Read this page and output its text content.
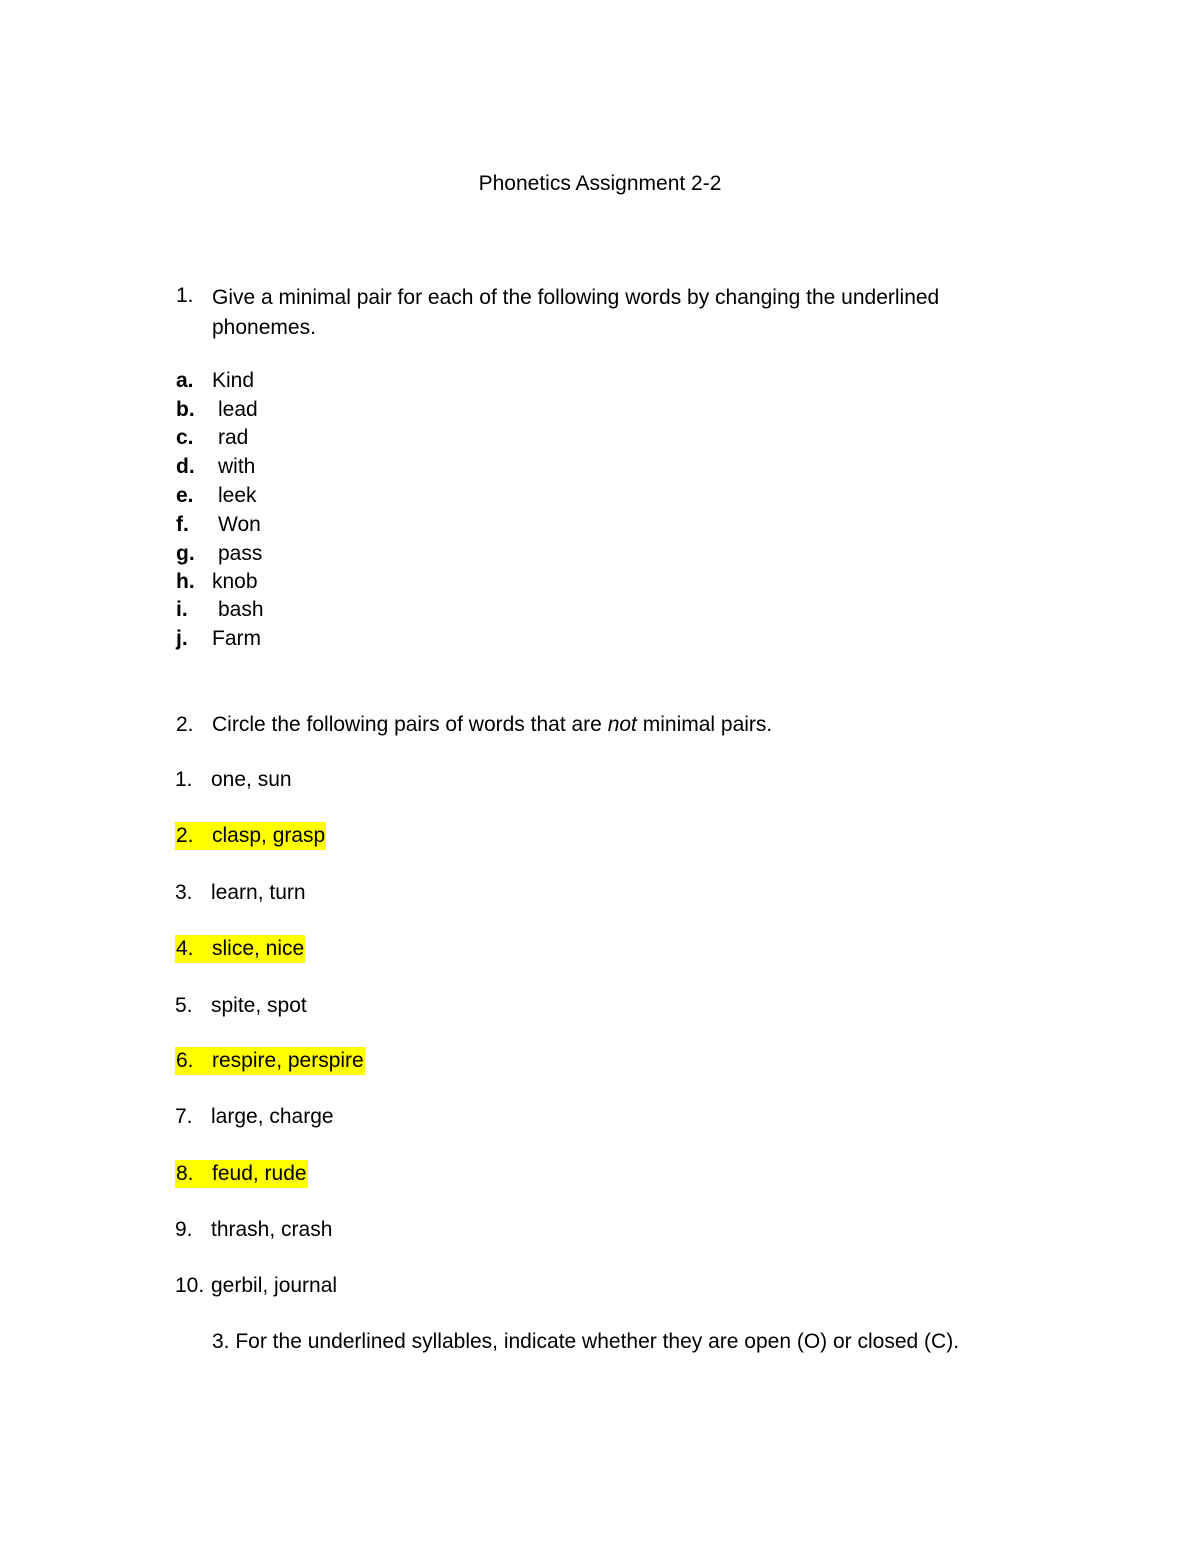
Phonetics Assignment 2-2
1. Give a minimal pair for each of the following words by changing the underlined phonemes.
a. Kind
b. lead
c. rad
d. with
e. leek
f. Won
g. pass
h. knob
i. bash
j. Farm
2. Circle the following pairs of words that are not minimal pairs.
1. one, sun
2. clasp, grasp
3. learn, turn
4. slice, nice
5. spite, spot
6. respire, perspire
7. large, charge
8. feud, rude
9. thrash, crash
10. gerbil, journal
3. For the underlined syllables, indicate whether they are open (O) or closed (C).
